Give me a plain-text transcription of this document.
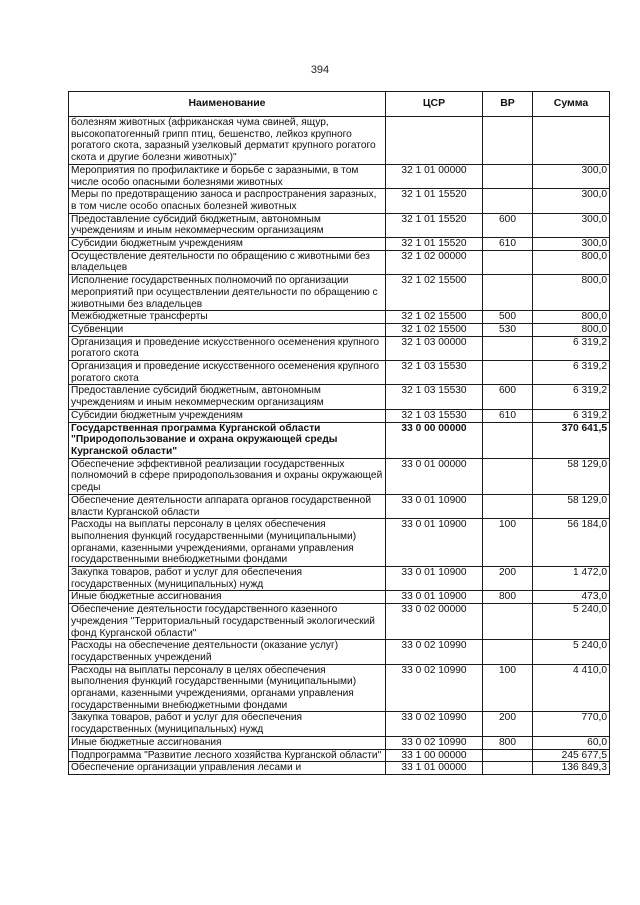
394
Наименование	ЦСР	ВР	Сумма
болезням животных (африканская чума свиней, ящур, высокопатогенный грипп птиц, бешенство, лейкоз крупного рогатого скота, заразный узелковый дерматит крупного рогатого скота и другие болезни животных)"			
Мероприятия по профилактике и борьбе с заразными, в том числе особо опасными болезнями животных	32 1 01 00000		300,0
Меры по предотвращению заноса и распространения заразных, в том числе особо опасных болезней животных	32 1 01 15520		300,0
Предоставление субсидий бюджетным, автономным учреждениям и иным некоммерческим организациям	32 1 01 15520	600	300,0
Субсидии бюджетным учреждениям	32 1 01 15520	610	300,0
Осуществление деятельности по обращению с животными без владельцев	32 1 02 00000		800,0
Исполнение государственных полномочий по организации мероприятий при осуществлении деятельности по обращению с животными без владельцев	32 1 02 15500		800,0
Межбюджетные трансферты	32 1 02 15500	500	800,0
Субвенции	32 1 02 15500	530	800,0
Организация и проведение искусственного осеменения крупного рогатого скота	32 1 03 00000		6 319,2
Организация и проведение искусственного осеменения крупного рогатого скота	32 1 03 15530		6 319,2
Предоставление субсидий бюджетным, автономным учреждениям и иным некоммерческим организациям	32 1 03 15530	600	6 319,2
Субсидии бюджетным учреждениям	32 1 03 15530	610	6 319,2
Государственная программа Курганской области "Природопользование и охрана окружающей среды Курганской области"	33 0 00 00000		370 641,5
Обеспечение эффективной реализации государственных полномочий в сфере природопользования и охраны окружающей среды	33 0 01 00000		58 129,0
Обеспечение деятельности аппарата органов государственной власти Курганской области	33 0 01 10900		58 129,0
Расходы на выплаты персоналу в целях обеспечения выполнения функций государственными (муниципальными) органами, казенными учреждениями, органами управления государственными внебюджетными фондами	33 0 01 10900	100	56 184,0
Закупка товаров, работ и услуг для обеспечения государственных (муниципальных) нужд	33 0 01 10900	200	1 472,0
Иные бюджетные ассигнования	33 0 01 10900	800	473,0
Обеспечение деятельности государственного казенного учреждения "Территориальный государственный экологический фонд Курганской области"	33 0 02 00000		5 240,0
Расходы на обеспечение деятельности (оказание услуг) государственных учреждений	33 0 02 10990		5 240,0
Расходы на выплаты персоналу в целях обеспечения выполнения функций государственными (муниципальными) органами, казенными учреждениями, органами управления государственными внебюджетными фондами	33 0 02 10990	100	4 410,0
Закупка товаров, работ и услуг для обеспечения государственных (муниципальных) нужд	33 0 02 10990	200	770,0
Иные бюджетные ассигнования	33 0 02 10990	800	60,0
Подпрограмма "Развитие лесного хозяйства Курганской области"	33 1 00 00000		245 677,5
Обеспечение организации управления лесами и	33 1 01 00000		136 849,3
